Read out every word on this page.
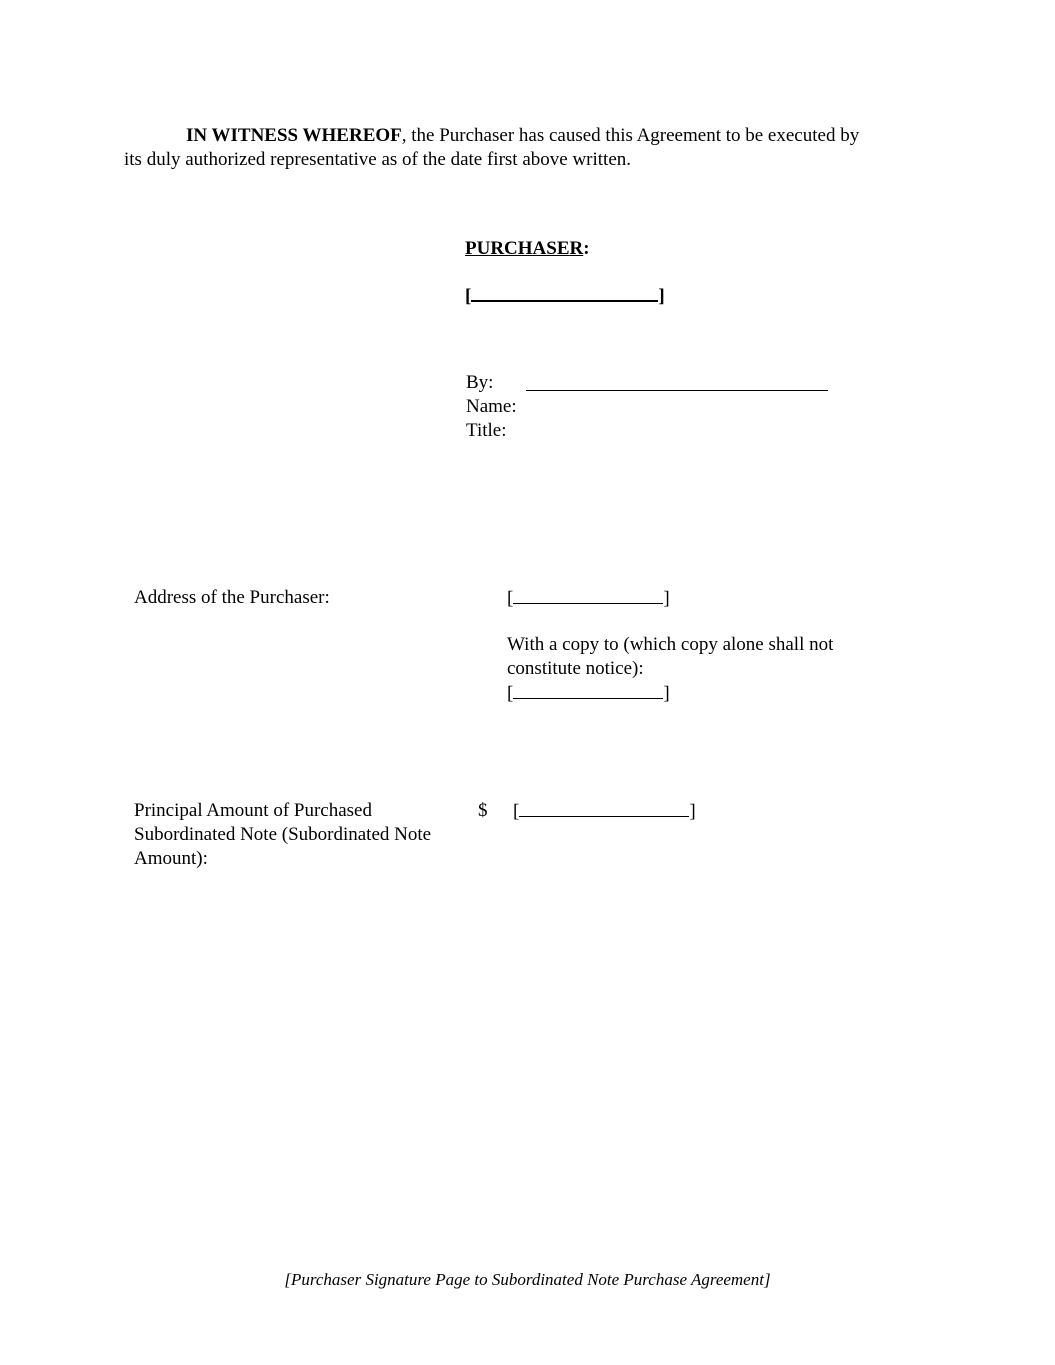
IN WITNESS WHEREOF, the Purchaser has caused this Agreement to be executed by
its duly authorized representative as of the date first above written.
PURCHASER:
[	]
By:
Name:
Title:
Address of the Purchaser:	[	]
With a copy to (which copy alone shall not
constitute notice):
[	]
Principal Amount of Purchased
Subordinated Note (Subordinated Note
Amount):
$ [	]
[Purchaser Signature Page to Subordinated Note Purchase Agreement]
